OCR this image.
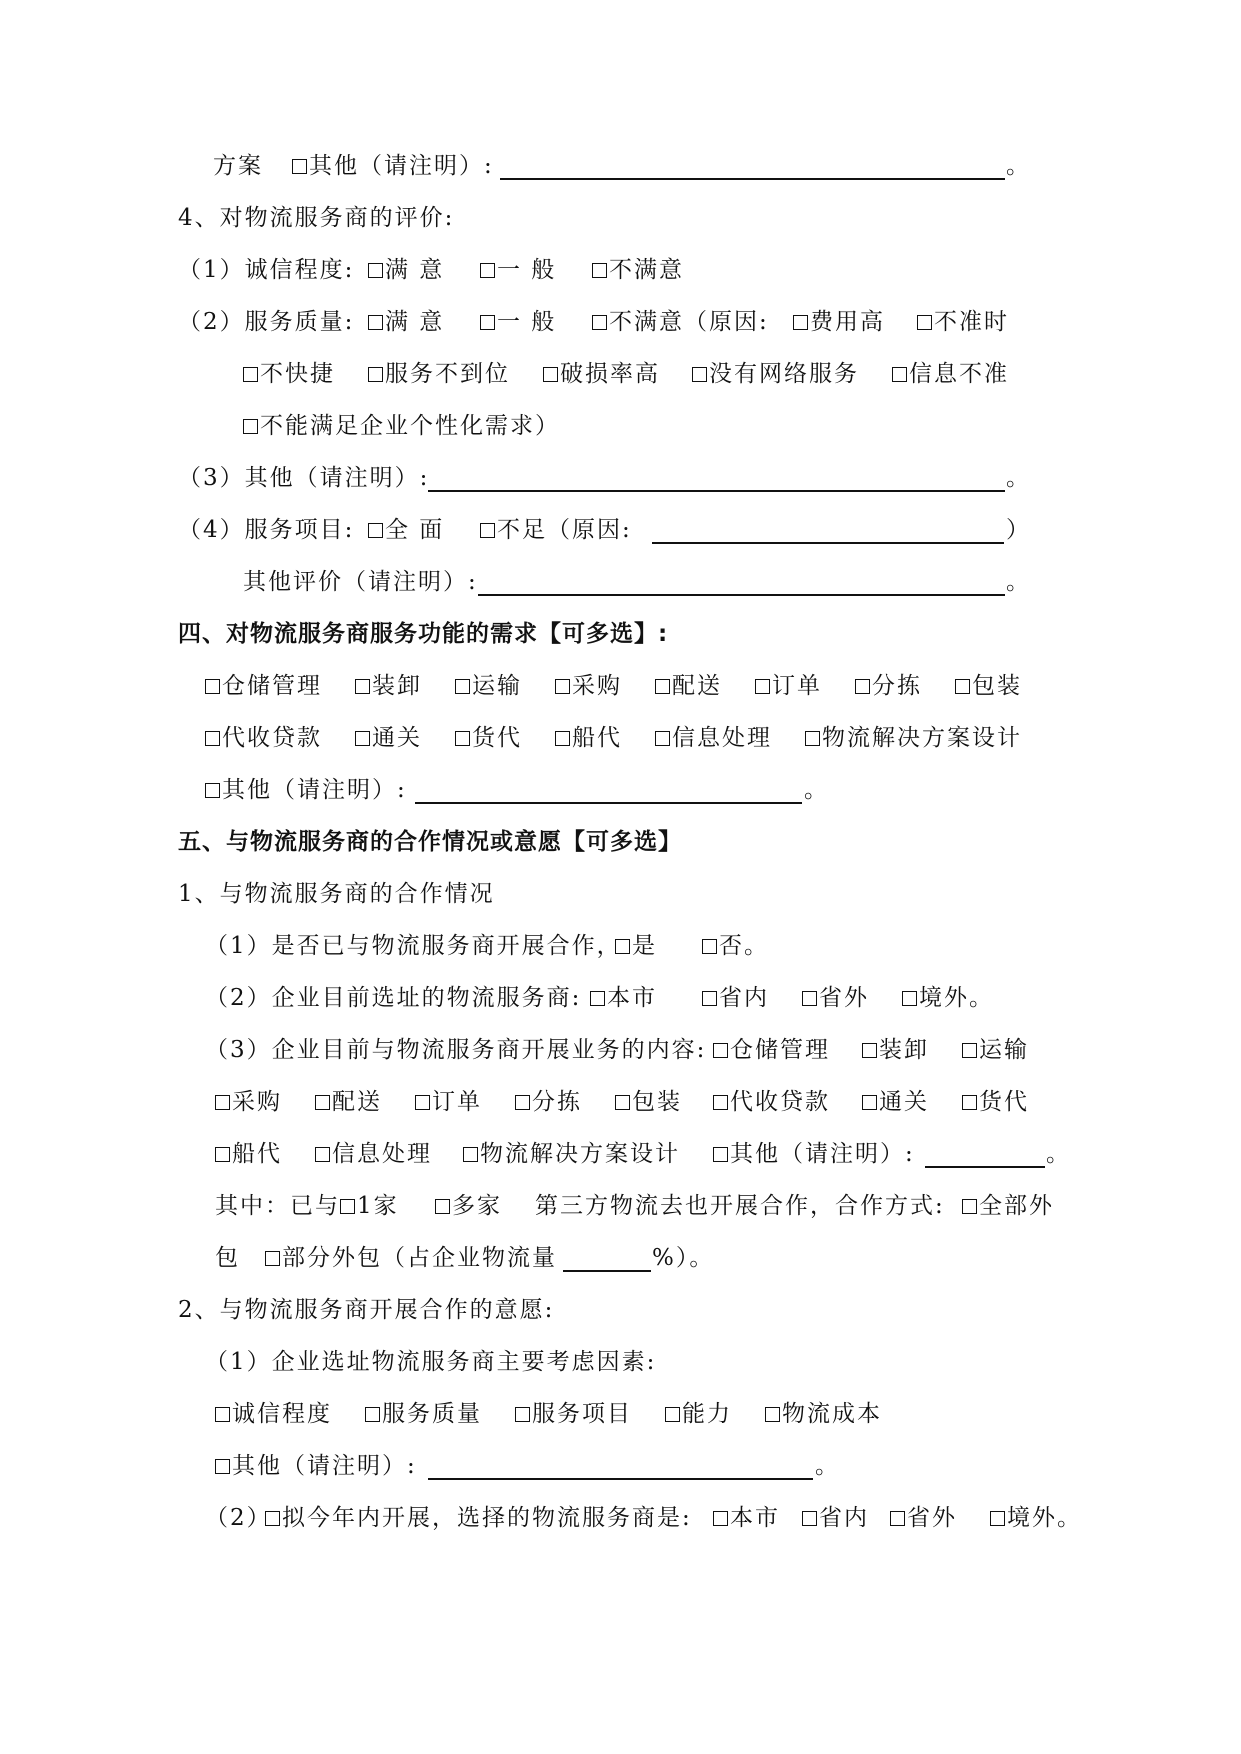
方案	其他（请注明）:	。
4、对物流服务商的评价:
（1）诚信程度:	满 意	一 般	不满意
（2）服务质量:	满 意	一 般	不满意（原因:	费用高	不准时
不快捷	服务不到位	破损率高	没有网络服务	信息不准
不能满足企业个性化需求）
（3）其他（请注明）:	。
（4）服务项目:	全 面	不足（原因:	）
其他评价（请注明）:	。
四、对物流服务商服务功能的需求【可多选】:
仓储管理	装卸	运输	采购	配送	订单	分拣	包装
代收贷款	通关	货代	船代	信息处理	物流解决方案设计
其他（请注明）:	。
五、与物流服务商的合作情况或意愿【可多选】
1、与物流服务商的合作情况
（1）是否已与物流服务商开展合作， 是	否。
（2）企业目前选址的物流服务商:	本市	省内	省外	境外。
（3）企业目前与物流服务商开展业务的内容:	仓储管理	装卸	运输
采购	配送	订单	分拣	包装	代收贷款	通关	货代
船代	信息处理	物流解决方案设计	其他（请注明）:	。
其中：已与 1家	多家 第三方物流去也开展合作，合作方式:	全部外
包	部分外包（占企业物流量	%）。
2、与物流服务商开展合作的意愿:
（1）企业选址物流服务商主要考虑因素:
诚信程度	服务质量	服务项目	能力	物流成本
其他（请注明）:	。
（2） 拟今年内开展，选择的物流服务商是:	本市	省内	省外	境外。
